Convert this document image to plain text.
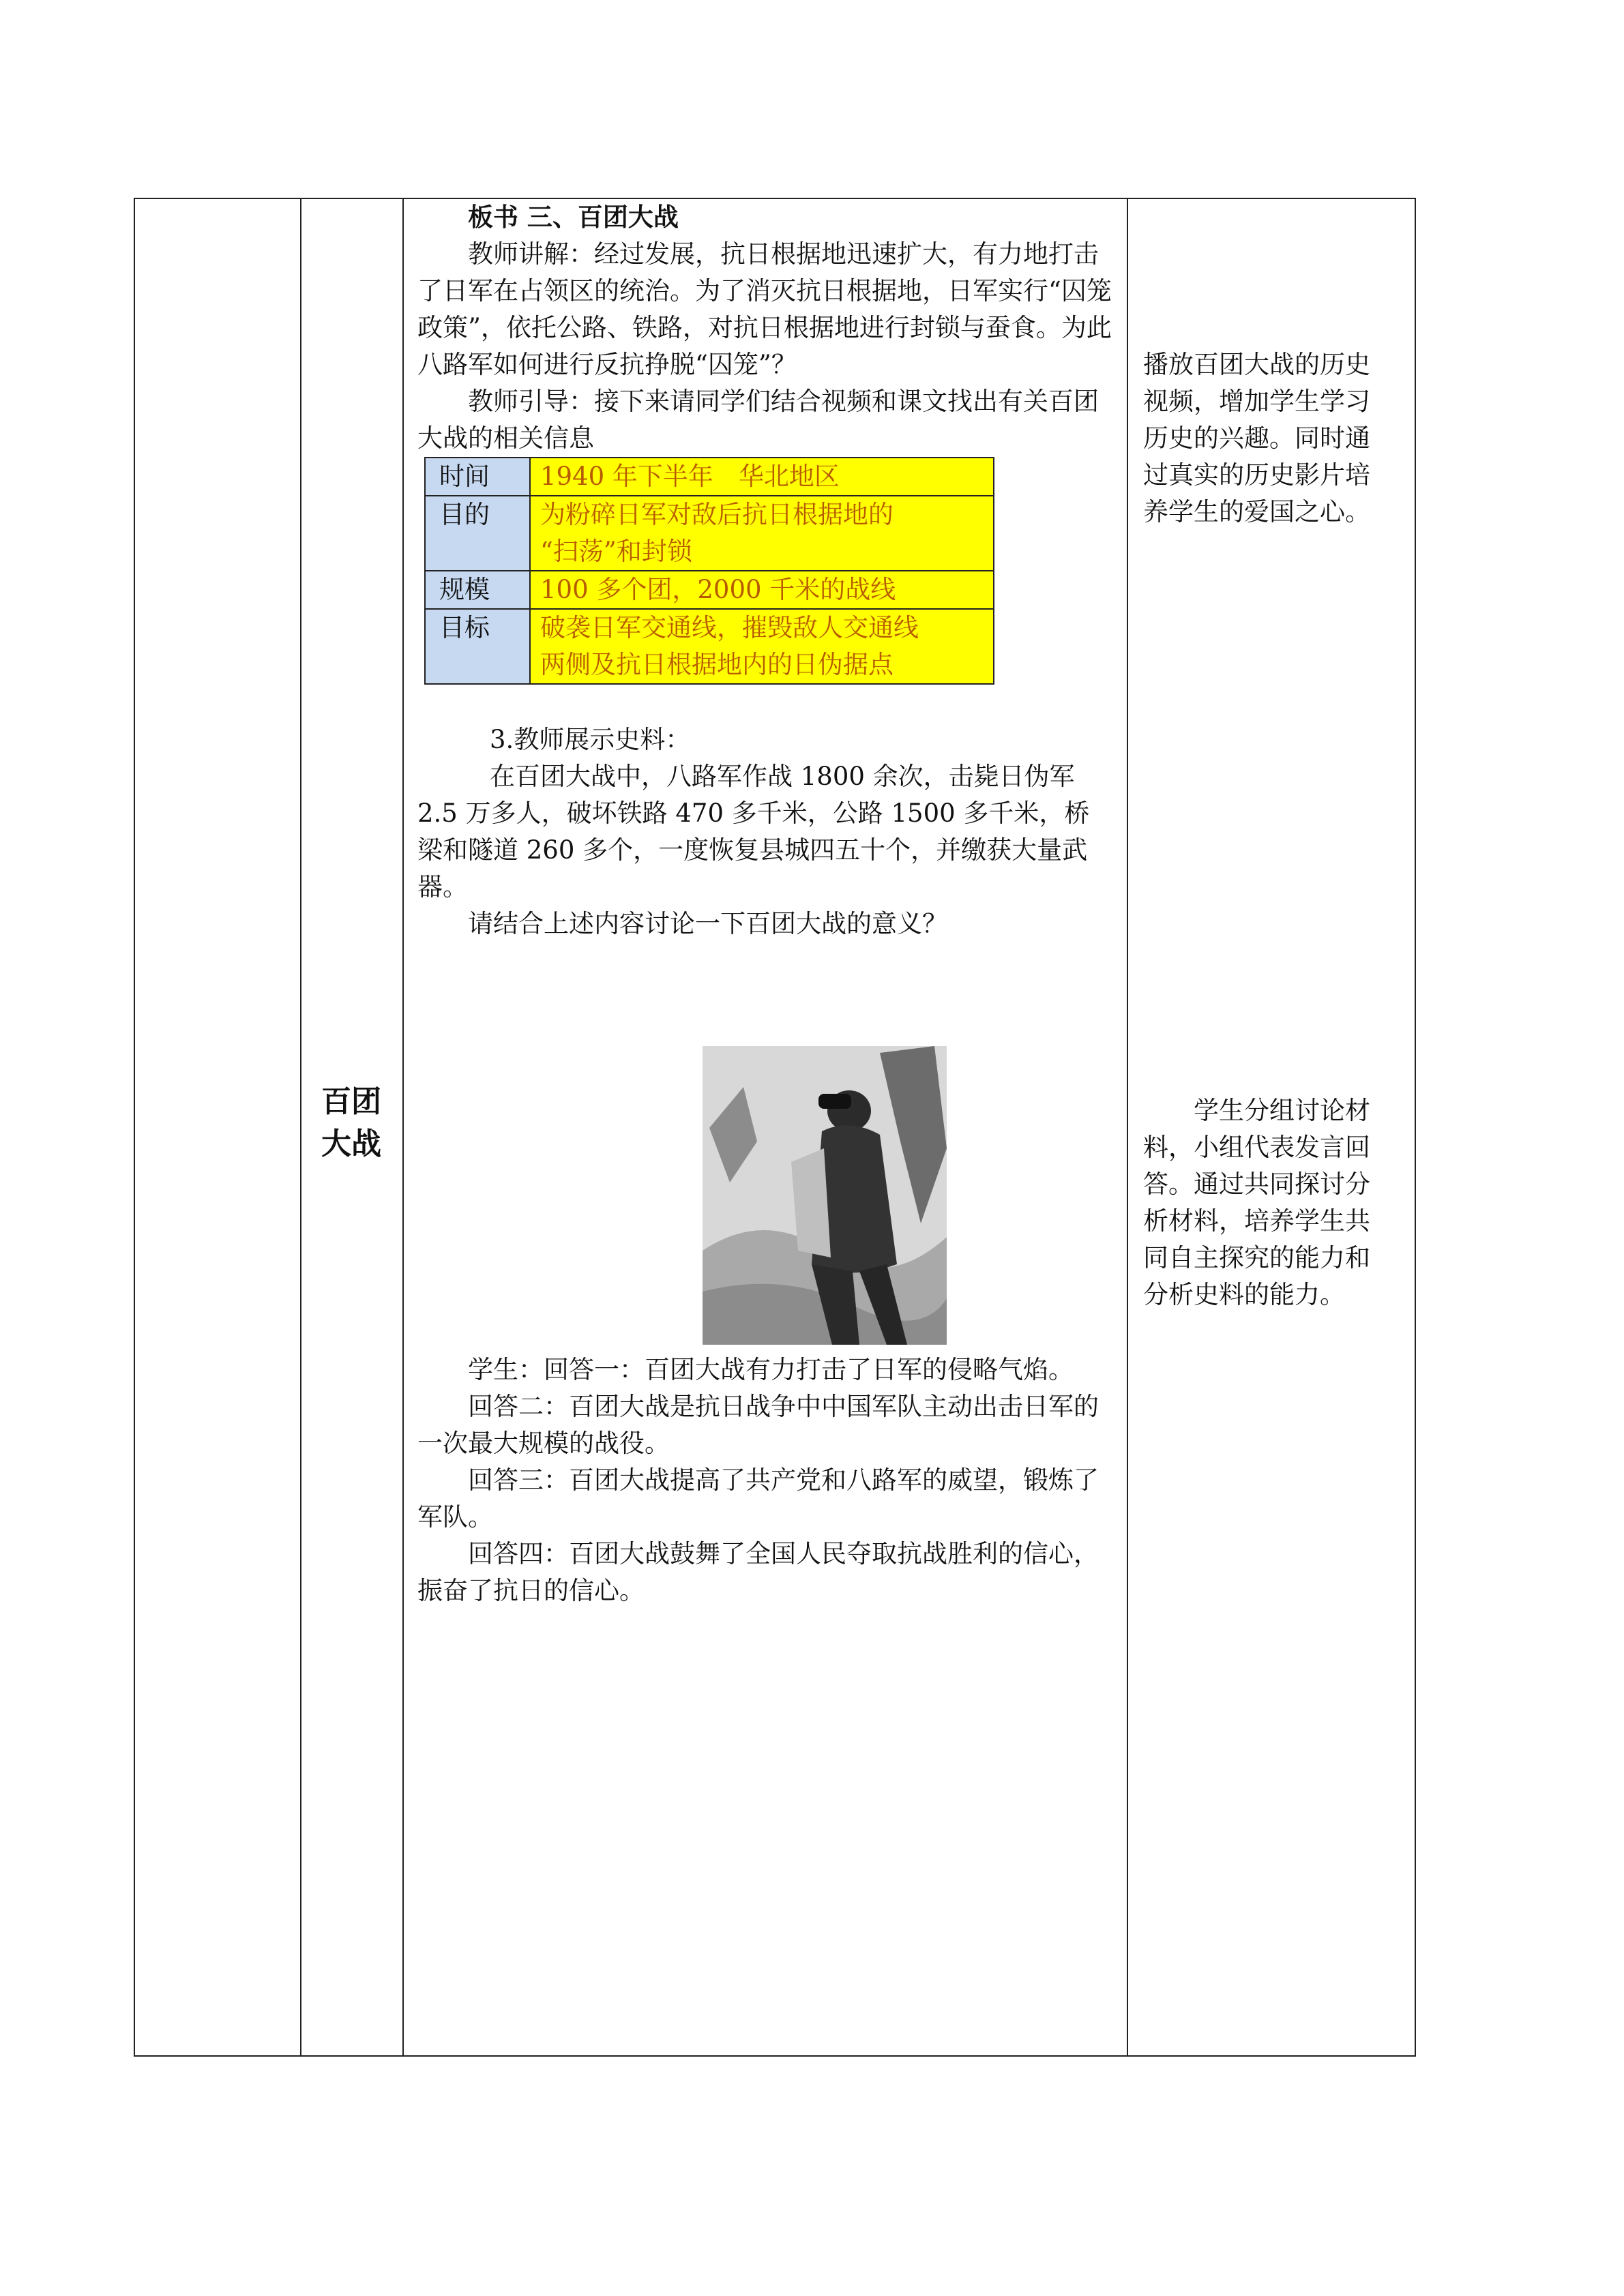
百团
大战

板书 三、百团大战

教师讲解：经过发展，抗日根据地迅速扩大，有力地打击了日军在占领区的统治。为了消灭抗日根据地，日军实行“囚笼政策”，依托公路、铁路，对抗日根据地进行封锁与蚕食。为此八路军如何进行反抗挣脱“囚笼”？

教师引导：接下来请同学们结合视频和课文找出有关百团大战的相关信息

时间	1940 年下半年　华北地区
目的	为粉碎日军对敌后抗日根据地的
“扫荡”和封锁
规模	100 多个团，2000 千米的战线
目标	破袭日军交通线，摧毁敌人交通线
两侧及抗日根据地内的日伪据点

3.教师展示史料：

在百团大战中，八路军作战 1800 余次，击毙日伪军 2.5 万多人，破坏铁路 470 多千米，公路 1500 多千米，桥梁和隧道 260 多个，一度恢复县城四五十个，并缴获大量武器。

请结合上述内容讨论一下百团大战的意义？

学生：回答一：百团大战有力打击了日军的侵略气焰。

回答二：百团大战是抗日战争中中国军队主动出击日军的一次最大规模的战役。

回答三：百团大战提高了共产党和八路军的威望，锻炼了军队。

回答四：百团大战鼓舞了全国人民夺取抗战胜利的信心，振奋了抗日的信心。

播放百团大战的历史视频，增加学生学习历史的兴趣。同时通过真实的历史影片培养学生的爱国之心。

学生分组讨论材料，小组代表发言回答。通过共同探讨分析材料，培养学生共同自主探究的能力和分析史料的能力。
